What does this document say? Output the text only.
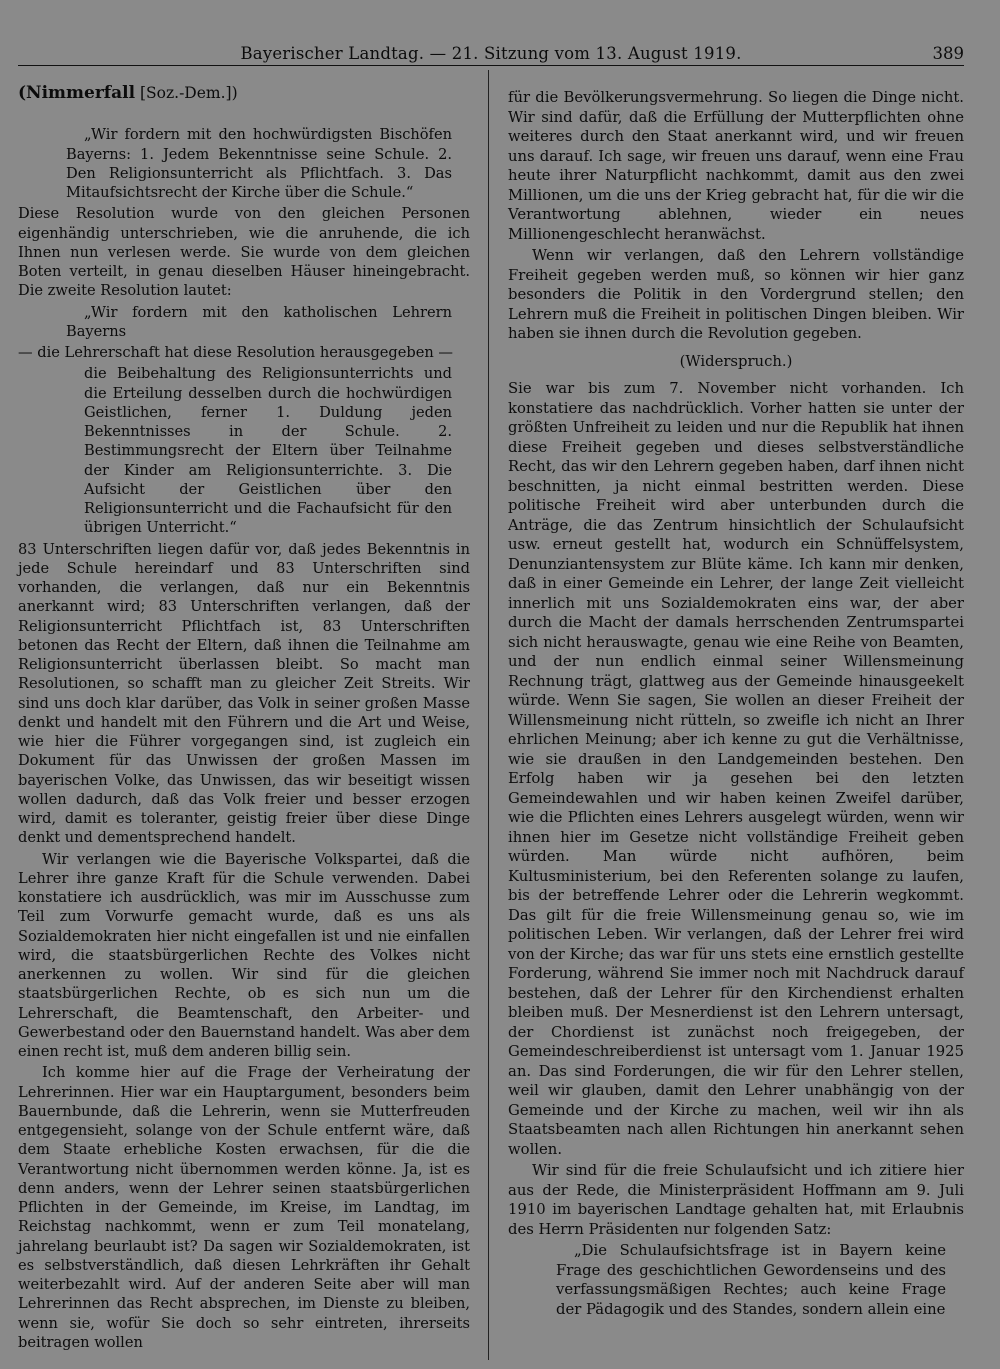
Bayerischer Landtag. — 21. Sitzung vom 13. August 1919.	389

(Nimmerfall [Soz.-Dem.])

„Wir fordern mit den hochwürdigsten Bischöfen Bayerns: 1. Jedem Bekenntnisse seine Schule. 2. Den Religionsunterricht als Pflichtfach. 3. Das Mitaufsichtsrecht der Kirche über die Schule.“

Diese Resolution wurde von den gleichen Personen eigenhändig unterschrieben, wie die anruhende, die ich Ihnen nun verlesen werde. Sie wurde von dem gleichen Boten verteilt, in genau dieselben Häuser hineingebracht. Die zweite Resolution lautet:

„Wir fordern mit den katholischen Lehrern Bayerns

— die Lehrerschaft hat diese Resolution herausgegeben —

die Beibehaltung des Religionsunterrichts und die Erteilung desselben durch die hochwürdigen Geistlichen, ferner 1. Duldung jeden Bekenntnisses in der Schule. 2. Bestimmungsrecht der Eltern über Teilnahme der Kinder am Religionsunterrichte. 3. Die Aufsicht der Geistlichen über den Religionsunterricht und die Fachaufsicht für den übrigen Unterricht.“

83 Unterschriften liegen dafür vor, daß jedes Bekenntnis in jede Schule hereindarf und 83 Unterschriften sind vorhanden, die verlangen, daß nur ein Bekenntnis anerkannt wird; 83 Unterschriften verlangen, daß der Religionsunterricht Pflichtfach ist, 83 Unterschriften betonen das Recht der Eltern, daß ihnen die Teilnahme am Religionsunterricht überlassen bleibt. So macht man Resolutionen, so schafft man zu gleicher Zeit Streits. Wir sind uns doch klar darüber, das Volk in seiner großen Masse denkt und handelt mit den Führern und die Art und Weise, wie hier die Führer vorgegangen sind, ist zugleich ein Dokument für das Unwissen der großen Massen im bayerischen Volke, das Unwissen, das wir beseitigt wissen wollen dadurch, daß das Volk freier und besser erzogen wird, damit es toleranter, geistig freier über diese Dinge denkt und dementsprechend handelt.

Wir verlangen wie die Bayerische Volkspartei, daß die Lehrer ihre ganze Kraft für die Schule verwenden. Dabei konstatiere ich ausdrücklich, was mir im Ausschusse zum Teil zum Vorwurfe gemacht wurde, daß es uns als Sozialdemokraten hier nicht eingefallen ist und nie einfallen wird, die staatsbürgerlichen Rechte des Volkes nicht anerkennen zu wollen. Wir sind für die gleichen staatsbürgerlichen Rechte, ob es sich nun um die Lehrerschaft, die Beamtenschaft, den Arbeiter- und Gewerbestand oder den Bauernstand handelt. Was aber dem einen recht ist, muß dem anderen billig sein.

Ich komme hier auf die Frage der Verheiratung der Lehrerinnen. Hier war ein Hauptargument, besonders beim Bauernbunde, daß die Lehrerin, wenn sie Mutterfreuden entgegensieht, solange von der Schule entfernt wäre, daß dem Staate erhebliche Kosten erwachsen, für die die Verantwortung nicht übernommen werden könne. Ja, ist es denn anders, wenn der Lehrer seinen staatsbürgerlichen Pflichten in der Gemeinde, im Kreise, im Landtag, im Reichstag nachkommt, wenn er zum Teil monatelang, jahrelang beurlaubt ist? Da sagen wir Sozialdemokraten, ist es selbstverständlich, daß diesen Lehrkräften ihr Gehalt weiterbezahlt wird. Auf der anderen Seite aber will man Lehrerinnen das Recht absprechen, im Dienste zu bleiben, wenn sie, wofür Sie doch so sehr eintreten, ihrerseits beitragen wollen

für die Bevölkerungsvermehrung. So liegen die Dinge nicht. Wir sind dafür, daß die Erfüllung der Mutterpflichten ohne weiteres durch den Staat anerkannt wird, und wir freuen uns darauf. Ich sage, wir freuen uns darauf, wenn eine Frau heute ihrer Naturpflicht nachkommt, damit aus den zwei Millionen, um die uns der Krieg gebracht hat, für die wir die Verantwortung ablehnen, wieder ein neues Millionengeschlecht heranwächst.

Wenn wir verlangen, daß den Lehrern vollständige Freiheit gegeben werden muß, so können wir hier ganz besonders die Politik in den Vordergrund stellen; den Lehrern muß die Freiheit in politischen Dingen bleiben. Wir haben sie ihnen durch die Revolution gegeben.

(Widerspruch.)

Sie war bis zum 7. November nicht vorhanden. Ich konstatiere das nachdrücklich. Vorher hatten sie unter der größten Unfreiheit zu leiden und nur die Republik hat ihnen diese Freiheit gegeben und dieses selbstverständliche Recht, das wir den Lehrern gegeben haben, darf ihnen nicht beschnitten, ja nicht einmal bestritten werden. Diese politische Freiheit wird aber unterbunden durch die Anträge, die das Zentrum hinsichtlich der Schulaufsicht usw. erneut gestellt hat, wodurch ein Schnüffelsystem, Denunziantensystem zur Blüte käme. Ich kann mir denken, daß in einer Gemeinde ein Lehrer, der lange Zeit vielleicht innerlich mit uns Sozialdemokraten eins war, der aber durch die Macht der damals herrschenden Zentrumspartei sich nicht herauswagte, genau wie eine Reihe von Beamten, und der nun endlich einmal seiner Willensmeinung Rechnung trägt, glattweg aus der Gemeinde hinausgeekelt würde. Wenn Sie sagen, Sie wollen an dieser Freiheit der Willensmeinung nicht rütteln, so zweifle ich nicht an Ihrer ehrlichen Meinung; aber ich kenne zu gut die Verhältnisse, wie sie draußen in den Landgemeinden bestehen. Den Erfolg haben wir ja gesehen bei den letzten Gemeindewahlen und wir haben keinen Zweifel darüber, wie die Pflichten eines Lehrers ausgelegt würden, wenn wir ihnen hier im Gesetze nicht vollständige Freiheit geben würden. Man würde nicht aufhören, beim Kultusministerium, bei den Referenten solange zu laufen, bis der betreffende Lehrer oder die Lehrerin wegkommt. Das gilt für die freie Willensmeinung genau so, wie im politischen Leben. Wir verlangen, daß der Lehrer frei wird von der Kirche; das war für uns stets eine ernstlich gestellte Forderung, während Sie immer noch mit Nachdruck darauf bestehen, daß der Lehrer für den Kirchendienst erhalten bleiben muß. Der Mesnerdienst ist den Lehrern untersagt, der Chordienst ist zunächst noch freigegeben, der Gemeindeschreiberdienst ist untersagt vom 1. Januar 1925 an. Das sind Forderungen, die wir für den Lehrer stellen, weil wir glauben, damit den Lehrer unabhängig von der Gemeinde und der Kirche zu machen, weil wir ihn als Staatsbeamten nach allen Richtungen hin anerkannt sehen wollen.

Wir sind für die freie Schulaufsicht und ich zitiere hier aus der Rede, die Ministerpräsident Hoffmann am 9. Juli 1910 im bayerischen Landtage gehalten hat, mit Erlaubnis des Herrn Präsidenten nur folgenden Satz:

„Die Schulaufsichtsfrage ist in Bayern keine Frage des geschichtlichen Gewordenseins und des verfassungsmäßigen Rechtes; auch keine Frage der Pädagogik und des Standes, sondern allein eine
